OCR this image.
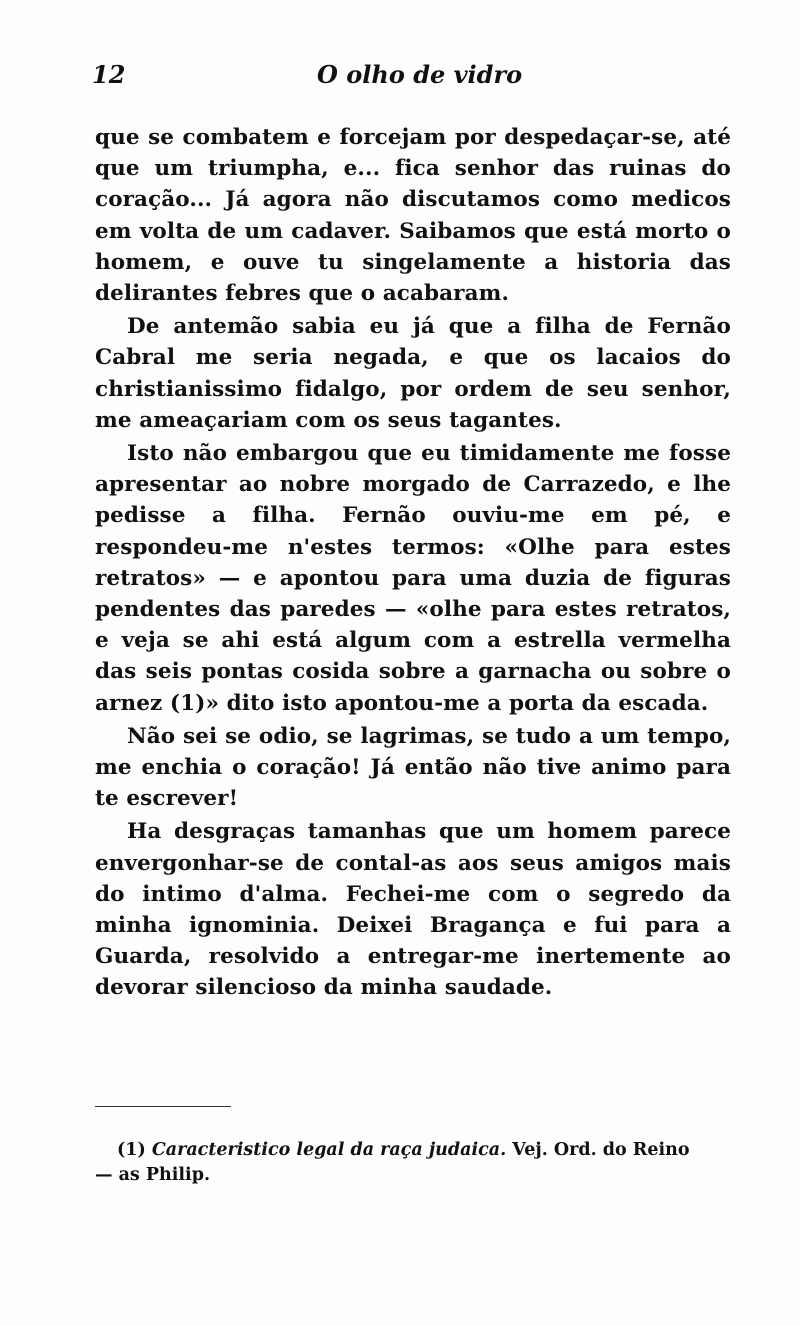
12	O olho de vidro

que se combatem e forcejam por despedaçar-se, até que um triumpha, e... fica senhor das ruinas do coração... Já agora não discutamos como medicos em volta de um cadaver. Saibamos que está morto o homem, e ouve tu singelamente a historia das delirantes febres que o acabaram.

De antemão sabia eu já que a filha de Fernão Cabral me seria negada, e que os lacaios do christianissimo fidalgo, por ordem de seu senhor, me ameaçariam com os seus tagantes.

Isto não embargou que eu timidamente me fosse apresentar ao nobre morgado de Carrazedo, e lhe pedisse a filha. Fernão ouviu-me em pé, e respondeu-me n'estes termos: «Olhe para estes retratos» — e apontou para uma duzia de figuras pendentes das paredes — «olhe para estes retratos, e veja se ahi está algum com a estrella vermelha das seis pontas cosida sobre a garnacha ou sobre o arnez (1)» dito isto apontou-me a porta da escada.

Não sei se odio, se lagrimas, se tudo a um tempo, me enchia o coração! Já então não tive animo para te escrever!

Ha desgraças tamanhas que um homem parece envergonhar-se de contal-as aos seus amigos mais do intimo d'alma. Fechei-me com o segredo da minha ignominia. Deixei Bragança e fui para a Guarda, resolvido a entregar-me inertemente ao devorar silencioso da minha saudade.

(1) Caracteristico legal da raça judaica. Vej. Ord. do Reino
— as Philip.
